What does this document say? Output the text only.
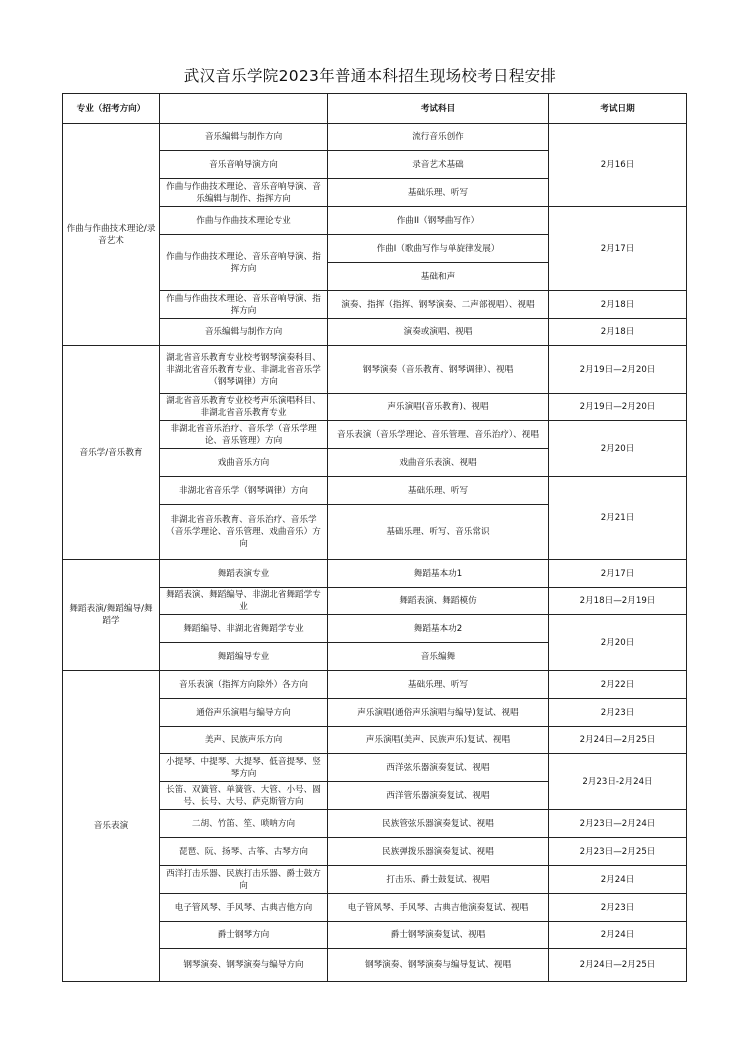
武汉音乐学院2023年普通本科招生现场校考日程安排
专业（招考方向）		考试科目	考试日期
作曲与作曲技术理论/录音艺术	音乐编辑与制作方向	流行音乐创作	2月16日
	音乐音响导演方向	录音艺术基础	
	作曲与作曲技术理论、音乐音响导演、音乐编辑与制作、指挥方向	基础乐理、听写	
	作曲与作曲技术理论专业	作曲II（钢琴曲写作）	2月17日
	作曲与作曲技术理论、音乐音响导演、指挥方向	作曲I（歌曲写作与单旋律发展）	
		基础和声	
	作曲与作曲技术理论、音乐音响导演、指挥方向	演奏、指挥（指挥、钢琴演奏、二声部视唱）、视唱	2月18日
	音乐编辑与制作方向	演奏或演唱、视唱	2月18日
音乐学/音乐教育	湖北省音乐教育专业校考钢琴演奏科目、非湖北省音乐教育专业、非湖北省音乐学（钢琴调律）方向	钢琴演奏（音乐教育、钢琴调律）、视唱	2月19日—2月20日
	湖北省音乐教育专业校考声乐演唱科目、非湖北省音乐教育专业	声乐演唱(音乐教育)、视唱	2月19日—2月20日
	非湖北省音乐治疗、音乐学（音乐学理论、音乐管理）方向	音乐表演（音乐学理论、音乐管理、音乐治疗）、视唱	2月20日
	戏曲音乐方向	戏曲音乐表演、视唱	
	非湖北省音乐学（钢琴调律）方向	基础乐理、听写	2月21日
	非湖北省音乐教育、音乐治疗、音乐学（音乐学理论、音乐管理、戏曲音乐）方向	基础乐理、听写、音乐常识	
舞蹈表演/舞蹈编导/舞蹈学	舞蹈表演专业	舞蹈基本功1	2月17日
	舞蹈表演、舞蹈编导、非湖北省舞蹈学专业	舞蹈表演、舞蹈模仿	2月18日—2月19日
	舞蹈编导、非湖北省舞蹈学专业	舞蹈基本功2	2月20日
	舞蹈编导专业	音乐编舞	
音乐表演	音乐表演（指挥方向除外）各方向	基础乐理、听写	2月22日
	通俗声乐演唱与编导方向	声乐演唱(通俗声乐演唱与编导)复试、视唱	2月23日
	美声、民族声乐方向	声乐演唱(美声、民族声乐)复试、视唱	2月24日—2月25日
	小提琴、中提琴、大提琴、低音提琴、竖琴方向	西洋弦乐器演奏复试、视唱	2月23日-2月24日
	长笛、双簧管、单簧管、大管、小号、圆号、长号、大号、萨克斯管方向	西洋管乐器演奏复试、视唱	
	二胡、竹笛、笙、唢呐方向	民族管弦乐器演奏复试、视唱	2月23日—2月24日
	琵琶、阮、扬琴、古筝、古琴方向	民族弹拨乐器演奏复试、视唱	2月23日—2月25日
	西洋打击乐器、民族打击乐器、爵士鼓方向	打击乐、爵士鼓复试、视唱	2月24日
	电子管风琴、手风琴、古典吉他方向	电子管风琴、手风琴、古典吉他演奏复试、视唱	2月23日
	爵士钢琴方向	爵士钢琴演奏复试、视唱	2月24日
	钢琴演奏、钢琴演奏与编导方向	钢琴演奏、钢琴演奏与编导复试、视唱	2月24日—2月25日
